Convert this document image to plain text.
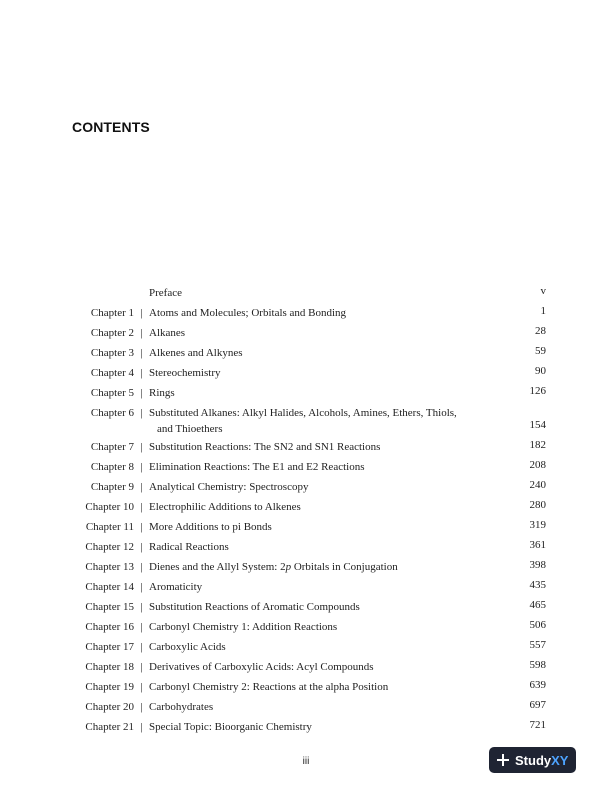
CONTENTS
Preface	v
Chapter 1 | Atoms and Molecules; Orbitals and Bonding	1
Chapter 2 | Alkanes	28
Chapter 3 | Alkenes and Alkynes	59
Chapter 4 | Stereochemistry	90
Chapter 5 | Rings	126
Chapter 6 | Substituted Alkanes: Alkyl Halides, Alcohols, Amines, Ethers, Thiols,
and Thioethers	154
Chapter 7 | Substitution Reactions: The SN2 and SN1 Reactions	182
Chapter 8 | Elimination Reactions: The E1 and E2 Reactions	208
Chapter 9 | Analytical Chemistry: Spectroscopy	240
Chapter 10 | Electrophilic Additions to Alkenes	280
Chapter 11 | More Additions to pi Bonds	319
Chapter 12 | Radical Reactions	361
Chapter 13 | Dienes and the Allyl System: 2p Orbitals in Conjugation	398
Chapter 14 | Aromaticity	435
Chapter 15 | Substitution Reactions of Aromatic Compounds	465
Chapter 16 | Carbonyl Chemistry 1: Addition Reactions	506
Chapter 17 | Carboxylic Acids	557
Chapter 18 | Derivatives of Carboxylic Acids: Acyl Compounds	598
Chapter 19 | Carbonyl Chemistry 2: Reactions at the alpha Position	639
Chapter 20 | Carbohydrates	697
Chapter 21 | Special Topic: Bioorganic Chemistry	721
iii	StudyXY
